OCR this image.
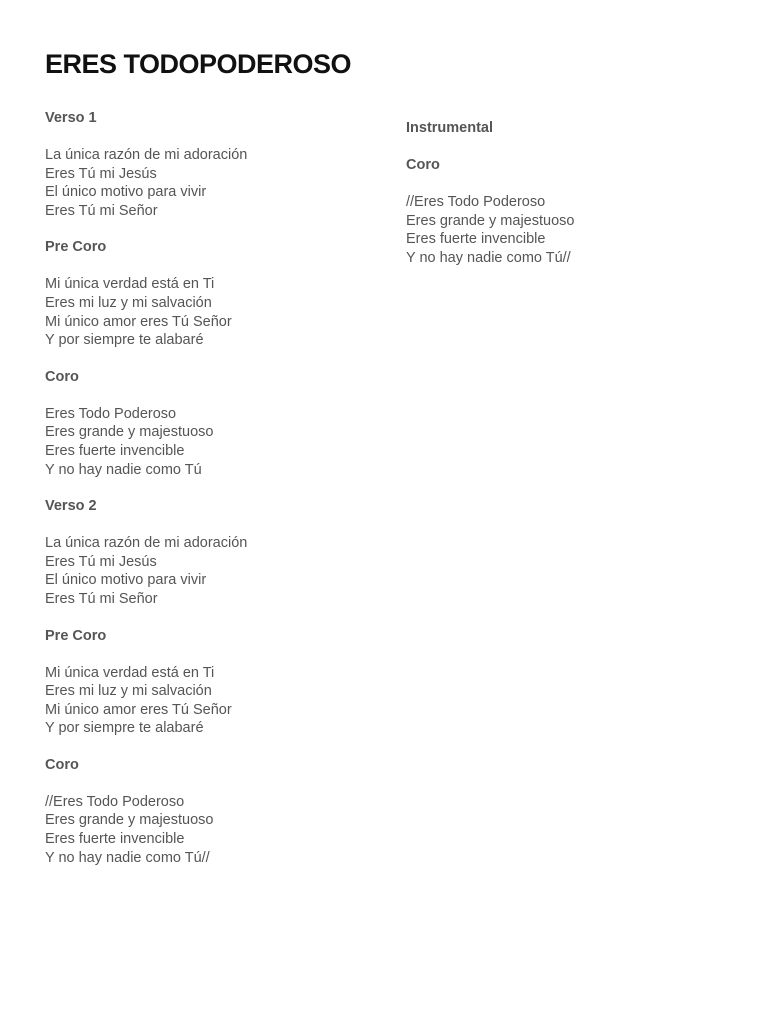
ERES TODOPODEROSO
Verso 1
La única razón de mi adoración
Eres Tú mi Jesús
El único motivo para vivir
Eres Tú mi Señor
Pre Coro
Mi única verdad está en Ti
Eres mi luz y mi salvación
Mi único amor eres Tú Señor
Y por siempre te alabaré
Coro
Eres Todo Poderoso
Eres grande y majestuoso
Eres fuerte invencible
Y no hay nadie como Tú
Verso 2
La única razón de mi adoración
Eres Tú mi Jesús
El único motivo para vivir
Eres Tú mi Señor
Pre Coro
Mi única verdad está en Ti
Eres mi luz y mi salvación
Mi único amor eres Tú Señor
Y por siempre te alabaré
Coro
//Eres Todo Poderoso
Eres grande y majestuoso
Eres fuerte invencible
Y no hay nadie como Tú//
Instrumental
Coro
//Eres Todo Poderoso
Eres grande y majestuoso
Eres fuerte invencible
Y no hay nadie como Tú//
